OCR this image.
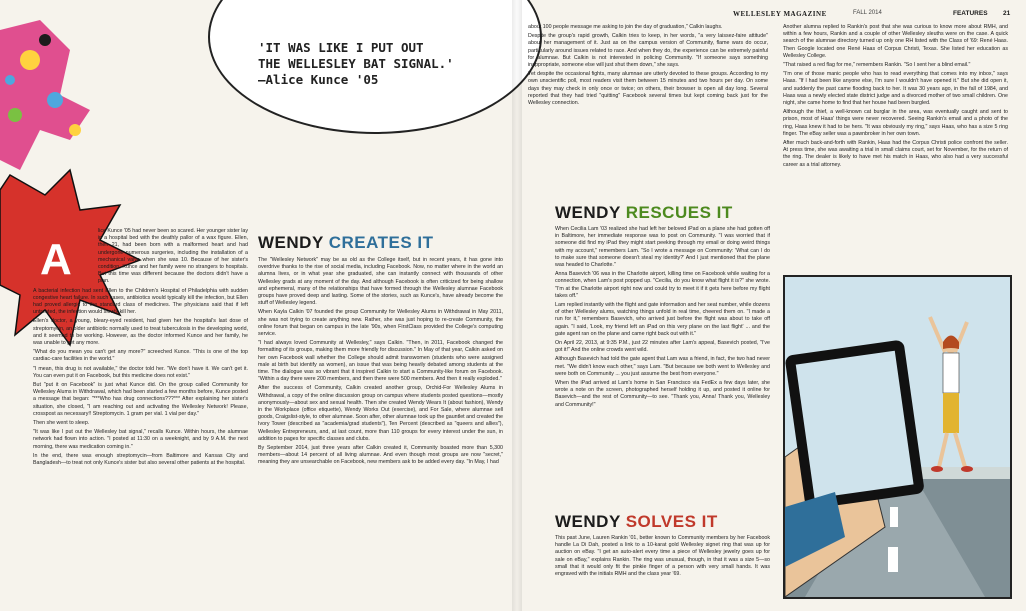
A
'IT WAS LIKE I PUT OUT
THE WELLESLEY BAT SIGNAL.'
—Alice Kunce '05

lice Kunce '05 had never been so scared. Her younger sister lay in a hospital bed with the deathly pallor of a wax figure. Ellen, then 21, had been born with a malformed heart and had undergone numerous surgeries, including the installation of a mechanical valve when she was 10. Because of her sister's condition, Kunce and her family were no strangers to hospitals. But this time was different because the doctors didn't have a plan.

A bacterial infection had sent Ellen to the Children's Hospital of Philadelphia with sudden congestive heart failure. In such cases, antibiotics would typically kill the infection, but Ellen had proved allergic to the standard class of medicines. The physicians said that if left untreated, the infection would slowly kill her.

Ellen's doctor, a young, bleary-eyed resident, had given her the hospital's last dose of streptomycin, an older antibiotic normally used to treat tuberculosis in the developing world, and it seemed to be working. However, as the doctor informed Kunce and her family, he was unable to get any more.

"What do you mean you can't get any more?" screeched Kunce. "This is one of the top cardiac-care facilities in the world."

"I mean, this drug is not available," the doctor told her. "We don't have it. We can't get it. You can even put it on Facebook, but this medicine does not exist."

But "put it on Facebook" is just what Kunce did. On the group called Community for Wellesley Alums in Withdrawal, which had been started a few months before, Kunce posted a message that began: "***Who has drug connections???*** After explaining her sister's situation, she closed, "I am reaching out and activating the Wellesley Network! Please, crosspost as necessary!! Streptomycin. 1 gram per vial. 1 vial per day."

Then she went to sleep.

"It was like I put out the Wellesley bat signal," recalls Kunce. Within hours, the alumnae network had flown into action. "I posted at 11:30 on a weeknight, and by 9 A.M. the next morning, there was medication coming in."

In the end, there was enough streptomycin—from Baltimore and Kansas City and Bangladesh—to treat not only Kunce's sister but also several other patients at the hospital.

WENDY CREATES IT

The "Wellesley Network" may be as old as the College itself, but in recent years, it has gone into overdrive thanks to the rise of social media, including Facebook. Now, no matter where in the world an alumna lives, or in what year she graduated, she can instantly connect with thousands of other Wellesley grads at any moment of the day. And although Facebook is often criticized for being shallow and ephemeral, many of the relationships that have formed through the Wellesley alumnae Facebook groups have proved deep and lasting. Some of the stories, such as Kunce's, have already become the stuff of Wellesley legend.

When Kayla Calkin '07 founded the group Community for Wellesley Alums in Withdrawal in May 2011, she was not trying to create anything new. Rather, she was just hoping to re-create Community, the online forum that began on campus in the late '90s, when FirstClass provided the College's computing service.

"I had always loved Community at Wellesley," says Calkin. "Then, in 2011, Facebook changed the formatting of its groups, making them more friendly for discussion." In May of that year, Calkin asked on her own Facebook wall whether the College should admit transwomen (students who were assigned male at birth but identify as women), an issue that was being heavily debated among students at the time. The dialogue was so vibrant that it inspired Calkin to start a Community-like forum on Facebook. "Within a day there were 200 members, and then there were 500 members. And then it really exploded."

After the success of Community, Calkin created another group, Orchid-For Wellesley Alums in Withdrawal, a copy of the online discussion group on campus where students posted questions—mostly anonymously—about sex and sexual health. Then she created Wendy Wears It (about fashion), Wendy in the Workplace (office etiquette), Wendy Works Out (exercise), and For Sale, where alumnae sell goods, Craigslist-style, to other alumnae. Soon after, other alumnae took up the gauntlet and created the Ivory Tower (described as "academia/grad students"), Ten Percent (described as "queers and allies"), Wellesley Entrepreneurs, and, at last count, more than 110 groups for every interest under the sun, in addition to pages for specific classes and clubs.

By September 2014, just three years after Calkin created it, Community boasted more than 5,300 members—about 14 percent of all living alumnae. And even though most groups are now "secret," meaning they are unsearchable on Facebook, new members ask to be added every day. "In May, I had

WELLESLEY MAGAZINE	FALL 2014	FEATURES 21

about 100 people message me asking to join the day of graduation," Calkin laughs.

Despite the group's rapid growth, Calkin tries to keep, in her words, "a very laissez-faire attitude" about her management of it. Just as on the campus version of Community, flame wars do occur, particularly around issues related to race. And when they do, the experience can be extremely painful for alumnae. But Calkin is not interested in policing Community. "If someone says something inappropriate, someone else will just shut them down," she says.

Yet despite the occasional fights, many alumnae are utterly devoted to these groups. According to my own unscientific poll, most readers visit them between 15 minutes and two hours per day. On some days they may check in only once or twice; on others, their browser is open all day long. Several reported that they had tried "quitting" Facebook several times but kept coming back just for the Wellesley connection.

WENDY RESCUES IT

When Cecilia Lam '03 realized she had left her beloved iPad on a plane she had gotten off in Baltimore, her immediate response was to post on Community. "I was worried that if someone did find my iPad they might start peeking through my email or doing weird things with my account," remembers Lam. "So I wrote a message on Community: 'What can I do to make sure that someone doesn't steal my identity?' And I just mentioned that the plane was headed to Charlotte."

Anna Basevich '06 was in the Charlotte airport, killing time on Facebook while waiting for a connection, when Lam's post popped up. "Cecilia, do you know what flight it is?" she wrote. "I'm at the Charlotte airport right now and could try to meet it if it gets here before my flight takes off."

Lam replied instantly with the flight and gate information and her seat number, while dozens of other Wellesley alums, watching things unfold in real time, cheered them on. "I made a run for it," remembers Basevich, who arrived just before the flight was about to take off again. "I said, 'Look, my friend left an iPad on this very plane on the last flight' ... and the gate agent ran on the plane and came right back out with it."

On April 22, 2013, at 9:35 P.M., just 22 minutes after Lam's appeal, Basevich posted, "I've got it!" And the online crowds went wild.

Although Basevich had told the gate agent that Lam was a friend, in fact, the two had never met. "We didn't know each other," says Lam. "But because we both went to Wellesley and were both on Community ... you just assume the best from everyone."

When the iPad arrived at Lam's home in San Francisco via FedEx a few days later, she wrote a note on the screen, photographed herself holding it up, and posted it online for Basevich—and the rest of Community—to see. "Thank you, Anna! Thank you, Wellesley and Community!"

WENDY SOLVES IT

This past June, Lauren Rankin '01, better known to Community members by her Facebook handle La Di Dah, posted a link to a 10-karat gold Wellesley signet ring that was up for auction on eBay. "I get an auto-alert every time a piece of Wellesley jewelry goes up for sale on eBay," explains Rankin. The ring was unusual, though, in that it was a size 5—so small that it would only fit the pinkie finger of a person with very small hands. It was engraved with the initials RMH and the class year '69.

Another alumna replied to Rankin's post that she was curious to know more about RMH, and within a few hours, Rankin and a couple of other Wellesley sleuths were on the case. A quick search of the alumnae directory turned up only one RH listed with the Class of '69: René Haas. Then Google located one René Haas of Corpus Christi, Texas. She listed her education as Wellesley College.

"That raised a red flag for me," remembers Rankin. "So I sent her a blind email."

"I'm one of those manic people who has to read everything that comes into my inbox," says Haas. "If I had been like anyone else, I'm sure I wouldn't have opened it." But she did open it, and suddenly the past came flooding back to her. It was 30 years ago, in the fall of 1984, and Haas was a newly elected state district judge and a divorced mother of two small children. One night, she came home to find that her house had been burgled.

Although the thief, a well-known cat burglar in the area, was eventually caught and sent to prison, most of Haas' things were never recovered. Seeing Rankin's email and a photo of the ring, Haas knew it had to be hers. "It was obviously my ring," says Haas, who has a size 5 ring finger. The eBay seller was a pawnbroker in her own town.

After much back-and-forth with Rankin, Haas had the Corpus Christi police confront the seller. At press time, she was awaiting a trial in small claims court, set for November, for the return of the ring. The dealer is likely to have met his match in Haas, who also had a very successful career as a trial attorney.
